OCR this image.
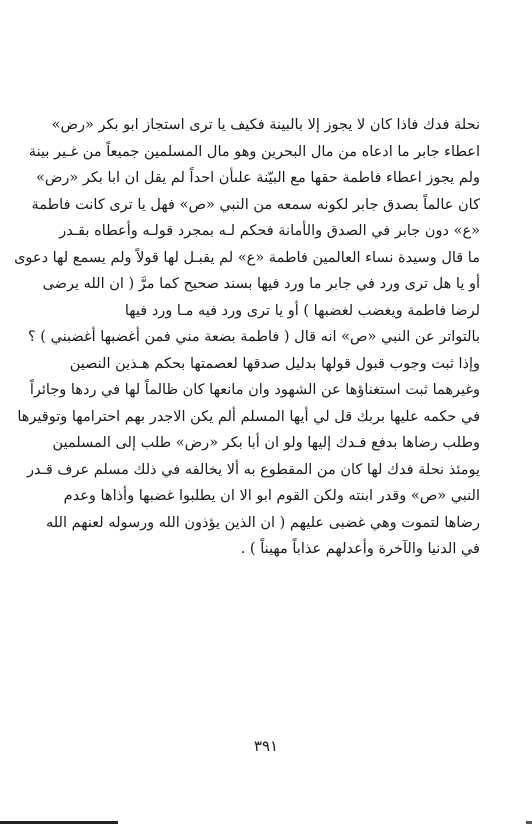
نحلة فدك فاذا كان لا يجوز إلا بالبينة فكيف يا ترى استجاز ابو بكر «رض»
اعطاء جابر ما ادعاه من مال البحرين وهو مال المسلمين جميعاً من غـير بينة
ولم يجوز اعطاء فاطمة حقها مع البيّنة علىأن احداً لم يقل ان ابا بكر «رض»
كان عالماً بصدق جابر لكونه سمعه من النبي «ص» فهل يا ترى كانت فاطمة
«ع» دون جابر في الصدق والأمانة فحكم لـه بمجرد قولـه وأعطاه بقـدر
ما قال وسيدة نساء العالمين فاطمة «ع» لم يقبـل لها قولاً ولم يسمع لها دعوى
أو يا هل ترى ورد في جابر ما ورد فيها بسند صحيح كما مرَّ ( ان الله يرضى
لرضا فاطمة ويغضب لغضبها ) أو يا ترى ورد فيه مـا ورد فيها
بالتواتر عن النبي «ص» انه قال ( فاطمة بضعة مني فمن أغضبها أغضبني ) ؟
وإذا ثبت وجوب قبول قولها بدليل صدقها لعصمتها بحكم هـذين النصين
وغيرهما ثبت استغناؤها عن الشهود وان مانعها كان ظالماً لها في ردها وجائراً
في حكمه عليها بربك قل لي أيها المسلم ألم يكن الاجدر بهم احترامها وتوقيرها
وطلب رضاها بدفع فـدك إليها ولو ان أبا بكر «رض» طلب إلى المسلمين
يومئذ نحلة فدك لها كان من المقطوع به ألا يخالفه في ذلك مسلم عرف قـدر
النبي «ص» وقدر ابنته ولكن القوم ابو الا ان يطلبوا غضبها وأذاها وعدم
رضاها لتموت وهي غضبى عليهم ( ان الذين يؤذون الله ورسوله لعنهم الله
في الدنيا والآخرة وأعدلهم عذاباً مهيناً ) .
٣٩١
